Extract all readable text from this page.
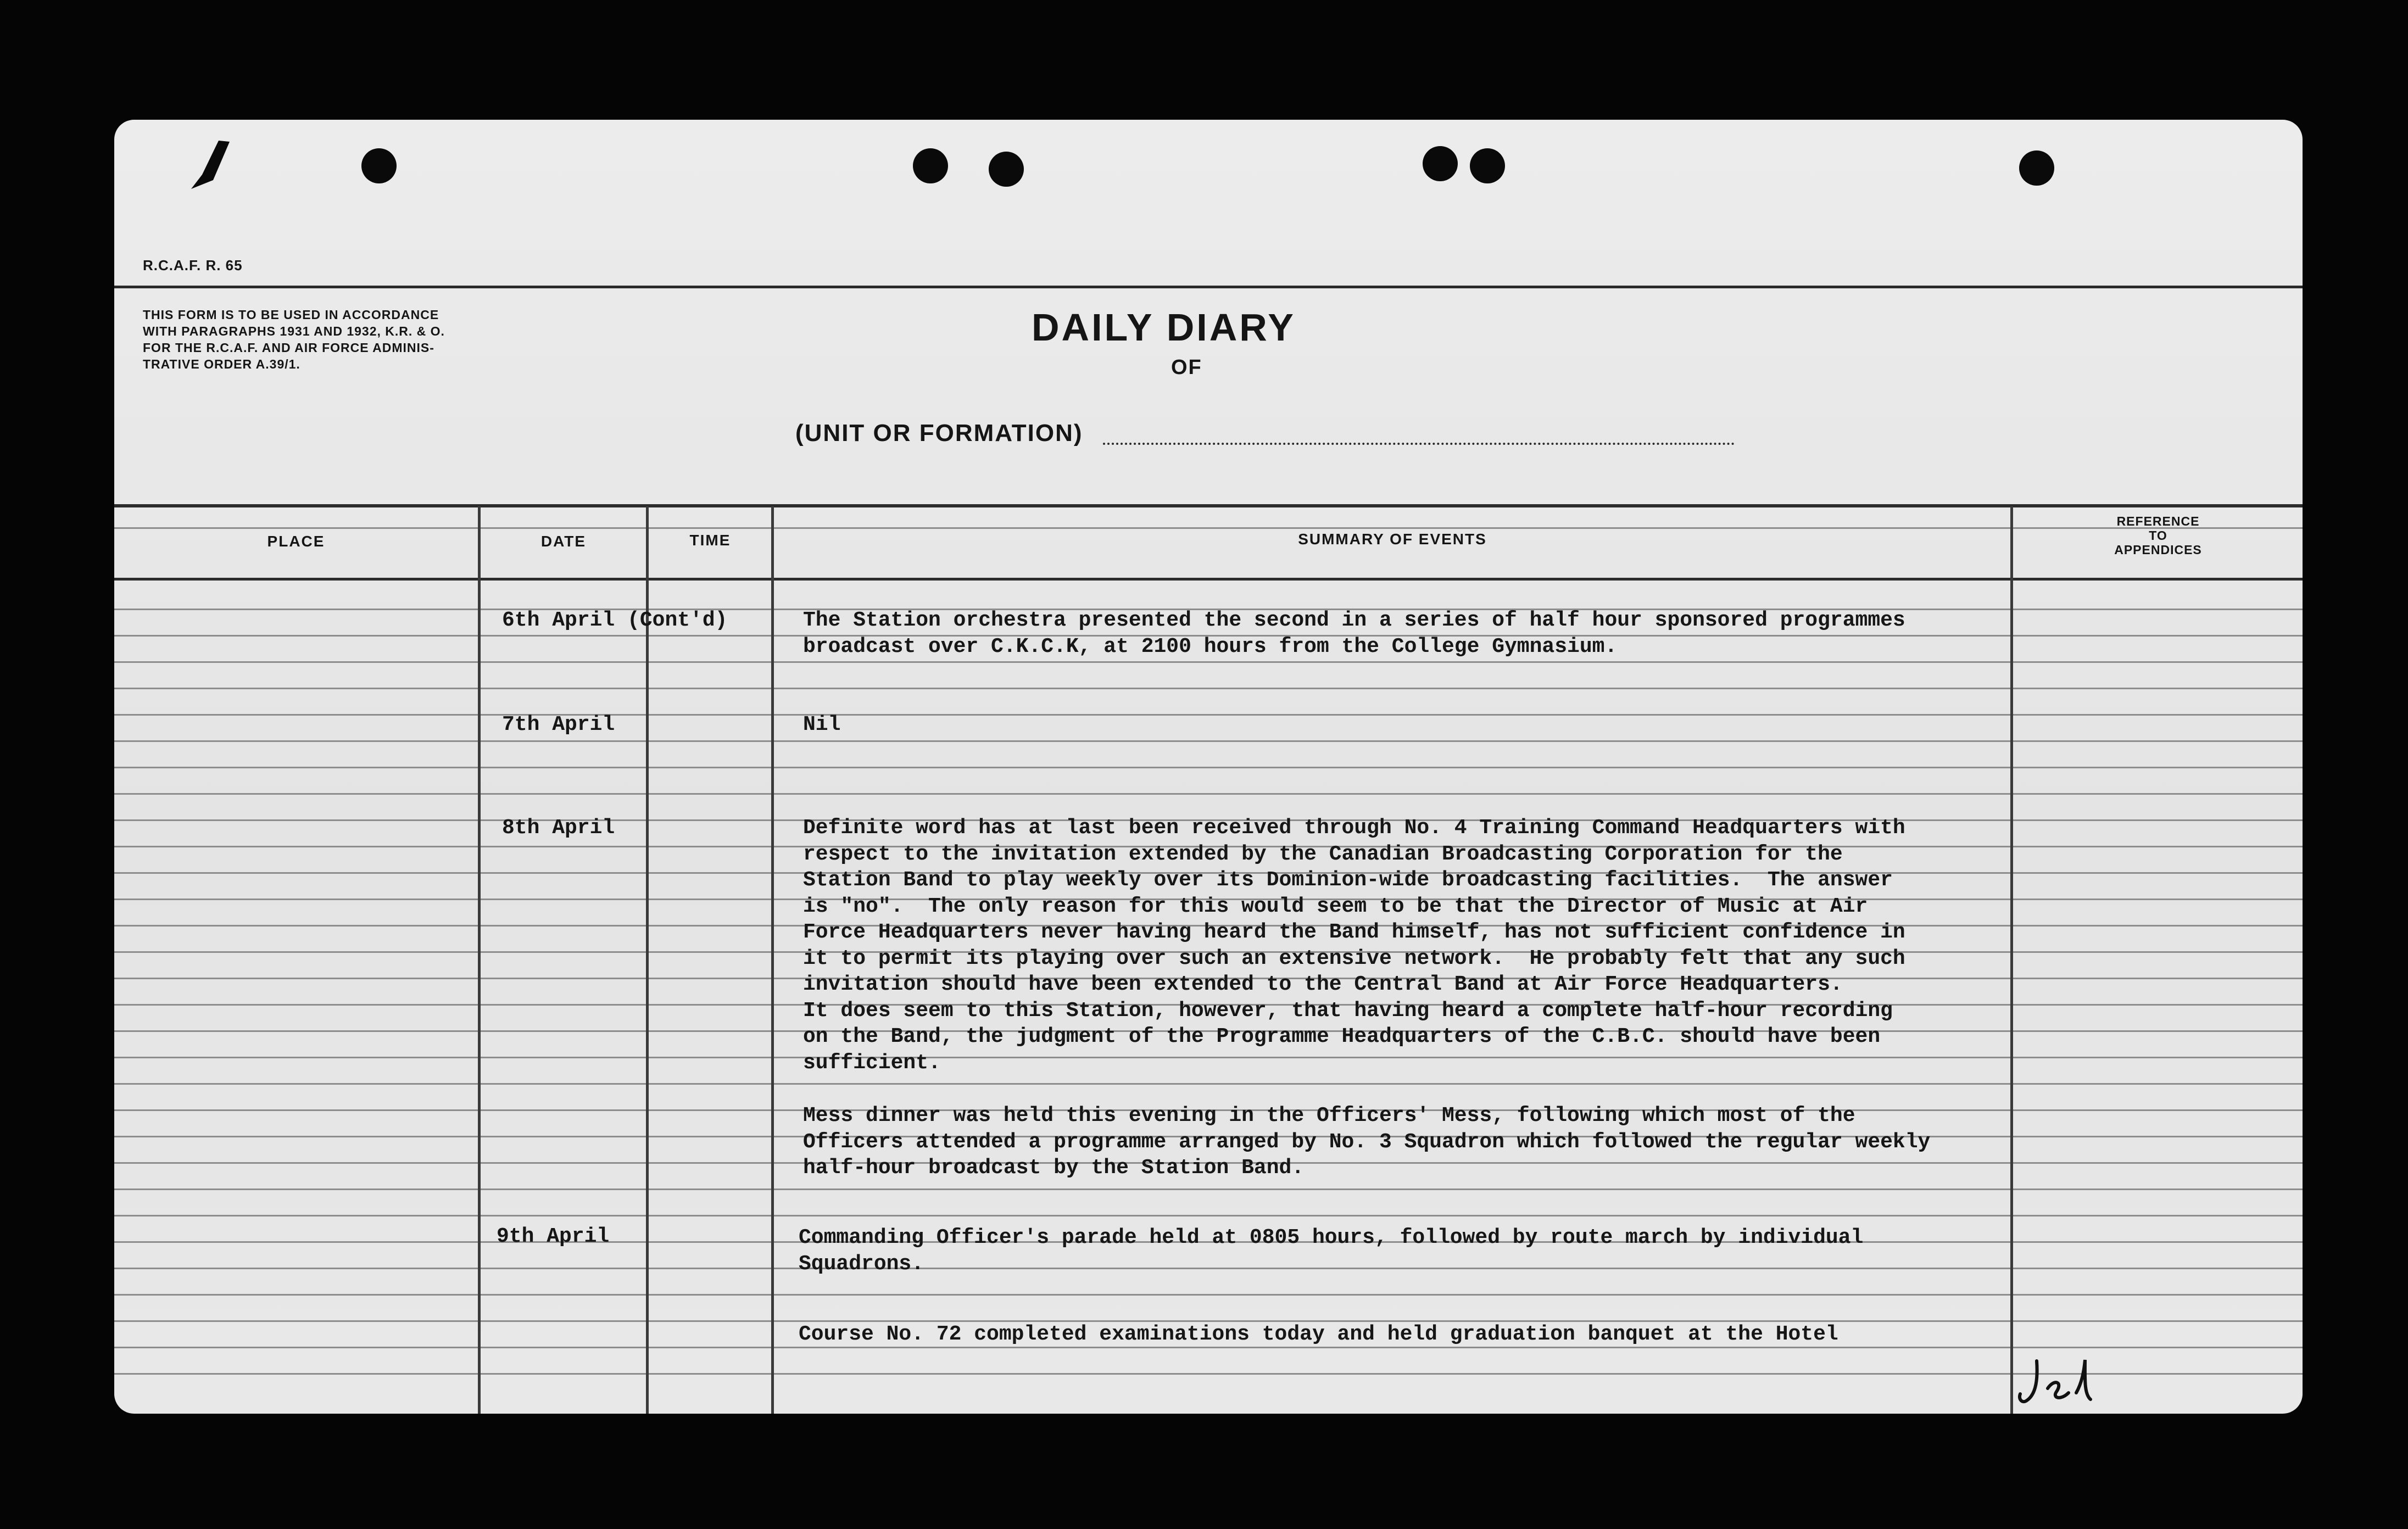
R.C.A.F. R. 65
THIS FORM IS TO BE USED IN ACCORDANCE
WITH PARAGRAPHS 1931 AND 1932, K.R. & O.
FOR THE R.C.A.F. AND AIR FORCE ADMINIS-
TRATIVE ORDER A.39/1.
DAILY DIARY
OF
(UNIT OR FORMATION)
PLACE	DATE	TIME	SUMMARY OF EVENTS
REFERENCE
TO
APPENDICES
6th April (Cont'd)	The Station orchestra presented the second in a series of half hour sponsored programmes
broadcast over C.K.C.K, at 2100 hours from the College Gymnasium.
7th April	Nil
8th April	Definite word has at last been received through No. 4 Training Command Headquarters with
respect to the invitation extended by the Canadian Broadcasting Corporation for the
Station Band to play weekly over its Dominion-wide broadcasting facilities.  The answer
is "no".  The only reason for this would seem to be that the Director of Music at Air
Force Headquarters never having heard the Band himself, has not sufficient confidence in
it to permit its playing over such an extensive network.  He probably felt that any such
invitation should have been extended to the Central Band at Air Force Headquarters.
It does seem to this Station, however, that having heard a complete half-hour recording
on the Band, the judgment of the Programme Headquarters of the C.B.C. should have been
sufficient.
Mess dinner was held this evening in the Officers' Mess, following which most of the
Officers attended a programme arranged by No. 3 Squadron which followed the regular weekly
half-hour broadcast by the Station Band.
9th April	Commanding Officer's parade held at 0805 hours, followed by route march by individual
Squadrons.
Course No. 72 completed examinations today and held graduation banquet at the Hotel
